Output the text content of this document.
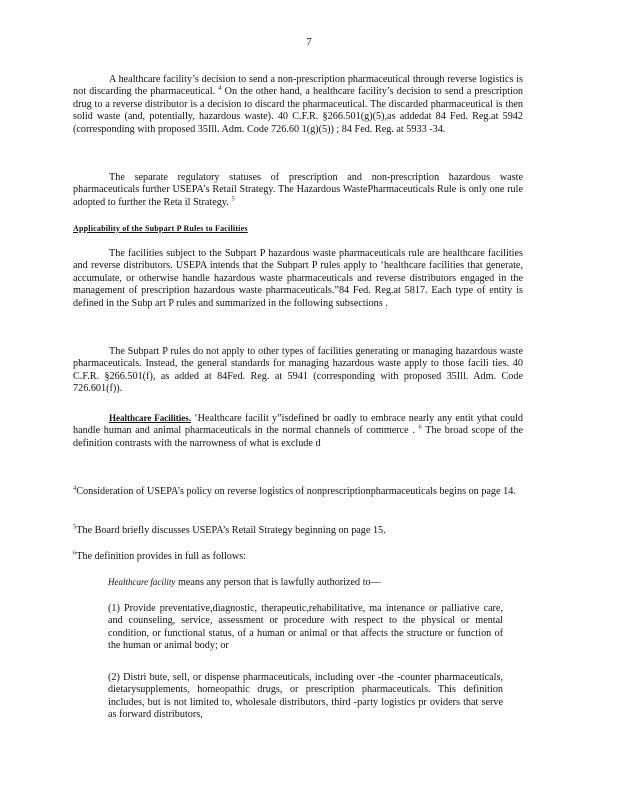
7
A healthcare facility’s decision to send a non-prescription pharmaceutical through reverse logistics is not discarding the pharmaceutical. $^4$ On the other hand, a healthcare facility’s decision to send a prescription drug to a reverse distributor is a decision to discard the pharmaceutical. The discarded pharmaceutical is then solid waste (and, potentially, hazardous waste). 40 C.F.R. §266.501(g)(5),as addedat 84 Fed. Reg.at 5942 (corresponding with proposed 35Ill. Adm. Code 726.60 1(g)(5)) ; 84 Fed. Reg. at 5933 -34.
The separate regulatory statuses of prescription and non-prescription hazardous waste pharmaceuticals further USEPA’s Retail Strategy. The Hazardous WastePharmaceuticals Rule is only one rule adopted to further the Reta il Strategy. $^5$
Applicability of the Subpart P Rules to Facilities
The facilities subject to the Subpart P hazardous waste pharmaceuticals rule are healthcare facilities and reverse distributors. USEPA intends that the Subpart P rules apply to ‘healthcare facilities that generate, accumulate, or otherwise handle hazardous waste pharmaceuticals and reverse distributors engaged in the management of prescription hazardous waste pharmaceuticals.”84 Fed. Reg.at 5817. Each type of entity is defined in the Subp art P rules and summarized in the following subsections .
The Subpart P rules do not apply to other types of facilities generating or managing hazardous waste pharmaceuticals. Instead, the general standards for managing hazardous waste apply to those facili ties. 40 C.F.R. §266.501(f), as added at 84Fed. Reg. at 5941 (corresponding with proposed 35Ill. Adm. Code 726.601(f)).
Healthcare Facilities. ‘Healthcare facilit y”isdefined br oadly to embrace nearly any entit ythat could handle human and animal pharmaceuticals in the normal channels of commerce . $^6$ The broad scope of the definition contrasts with the narrowness of what is exclude d
$^4$Consideration of USEPA’s policy on reverse logistics of nonprescriptionpharmaceuticals begins on page 14.
$^5$The Board briefly discusses USEPA’s Retail Strategy beginning on page 15.
$^6$The definition provides in full as follows:
Healthcare facility means any person that is lawfully authorized to—
(1) Provide preventative,diagnostic, therapeutic,rehabilitative, ma intenance or palliative care, and counseling, service, assessment or procedure with respect to the physical or mental condition, or functional status, of a human or animal or that affects the structure or function of the human or animal body; or
(2) Distri bute, sell, or dispense pharmaceuticals, including over -the -counter pharmaceuticals, dietarysupplements, homeopathic drugs, or prescription pharmaceuticals. This definition includes, but is not limited to, wholesale distributors, third -party logistics pr oviders that serve as forward distributors,
